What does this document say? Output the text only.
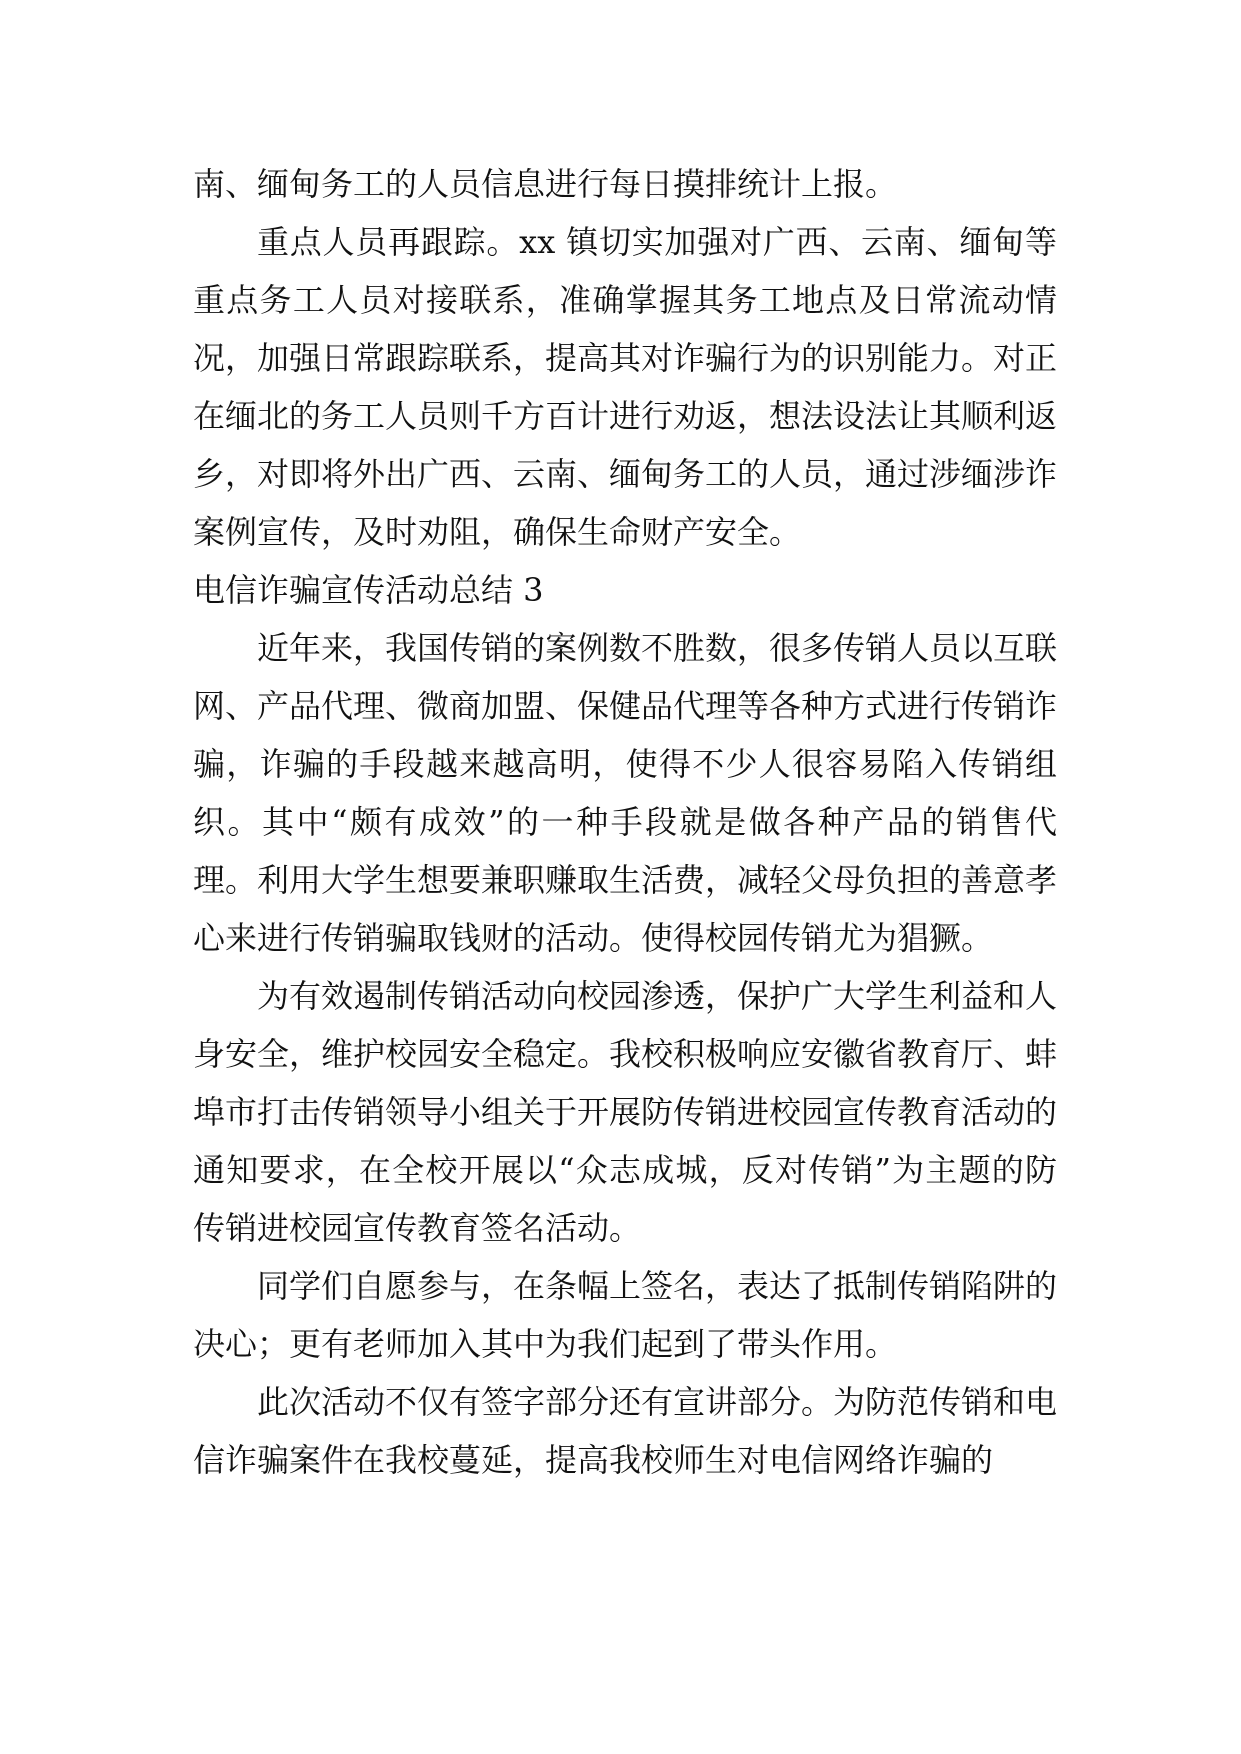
南、缅甸务工的人员信息进行每日摸排统计上报。

重点人员再跟踪。xx 镇切实加强对广西、云南、缅甸等重点务工人员对接联系，准确掌握其务工地点及日常流动情况，加强日常跟踪联系，提高其对诈骗行为的识别能力。对正在缅北的务工人员则千方百计进行劝返，想法设法让其顺利返乡，对即将外出广西、云南、缅甸务工的人员，通过涉缅涉诈案例宣传，及时劝阻，确保生命财产安全。

电信诈骗宣传活动总结 3

近年来，我国传销的案例数不胜数，很多传销人员以互联网、产品代理、微商加盟、保健品代理等各种方式进行传销诈骗，诈骗的手段越来越高明，使得不少人很容易陷入传销组织。其中“颇有成效”的一种手段就是做各种产品的销售代理。利用大学生想要兼职赚取生活费，减轻父母负担的善意孝心来进行传销骗取钱财的活动。使得校园传销尤为猖獗。

为有效遏制传销活动向校园渗透，保护广大学生利益和人身安全，维护校园安全稳定。我校积极响应安徽省教育厅、蚌埠市打击传销领导小组关于开展防传销进校园宣传教育活动的通知要求，在全校开展以“众志成城，反对传销”为主题的防传销进校园宣传教育签名活动。

同学们自愿参与，在条幅上签名，表达了抵制传销陷阱的决心；更有老师加入其中为我们起到了带头作用。

此次活动不仅有签字部分还有宣讲部分。为防范传销和电信诈骗案件在我校蔓延，提高我校师生对电信网络诈骗的
